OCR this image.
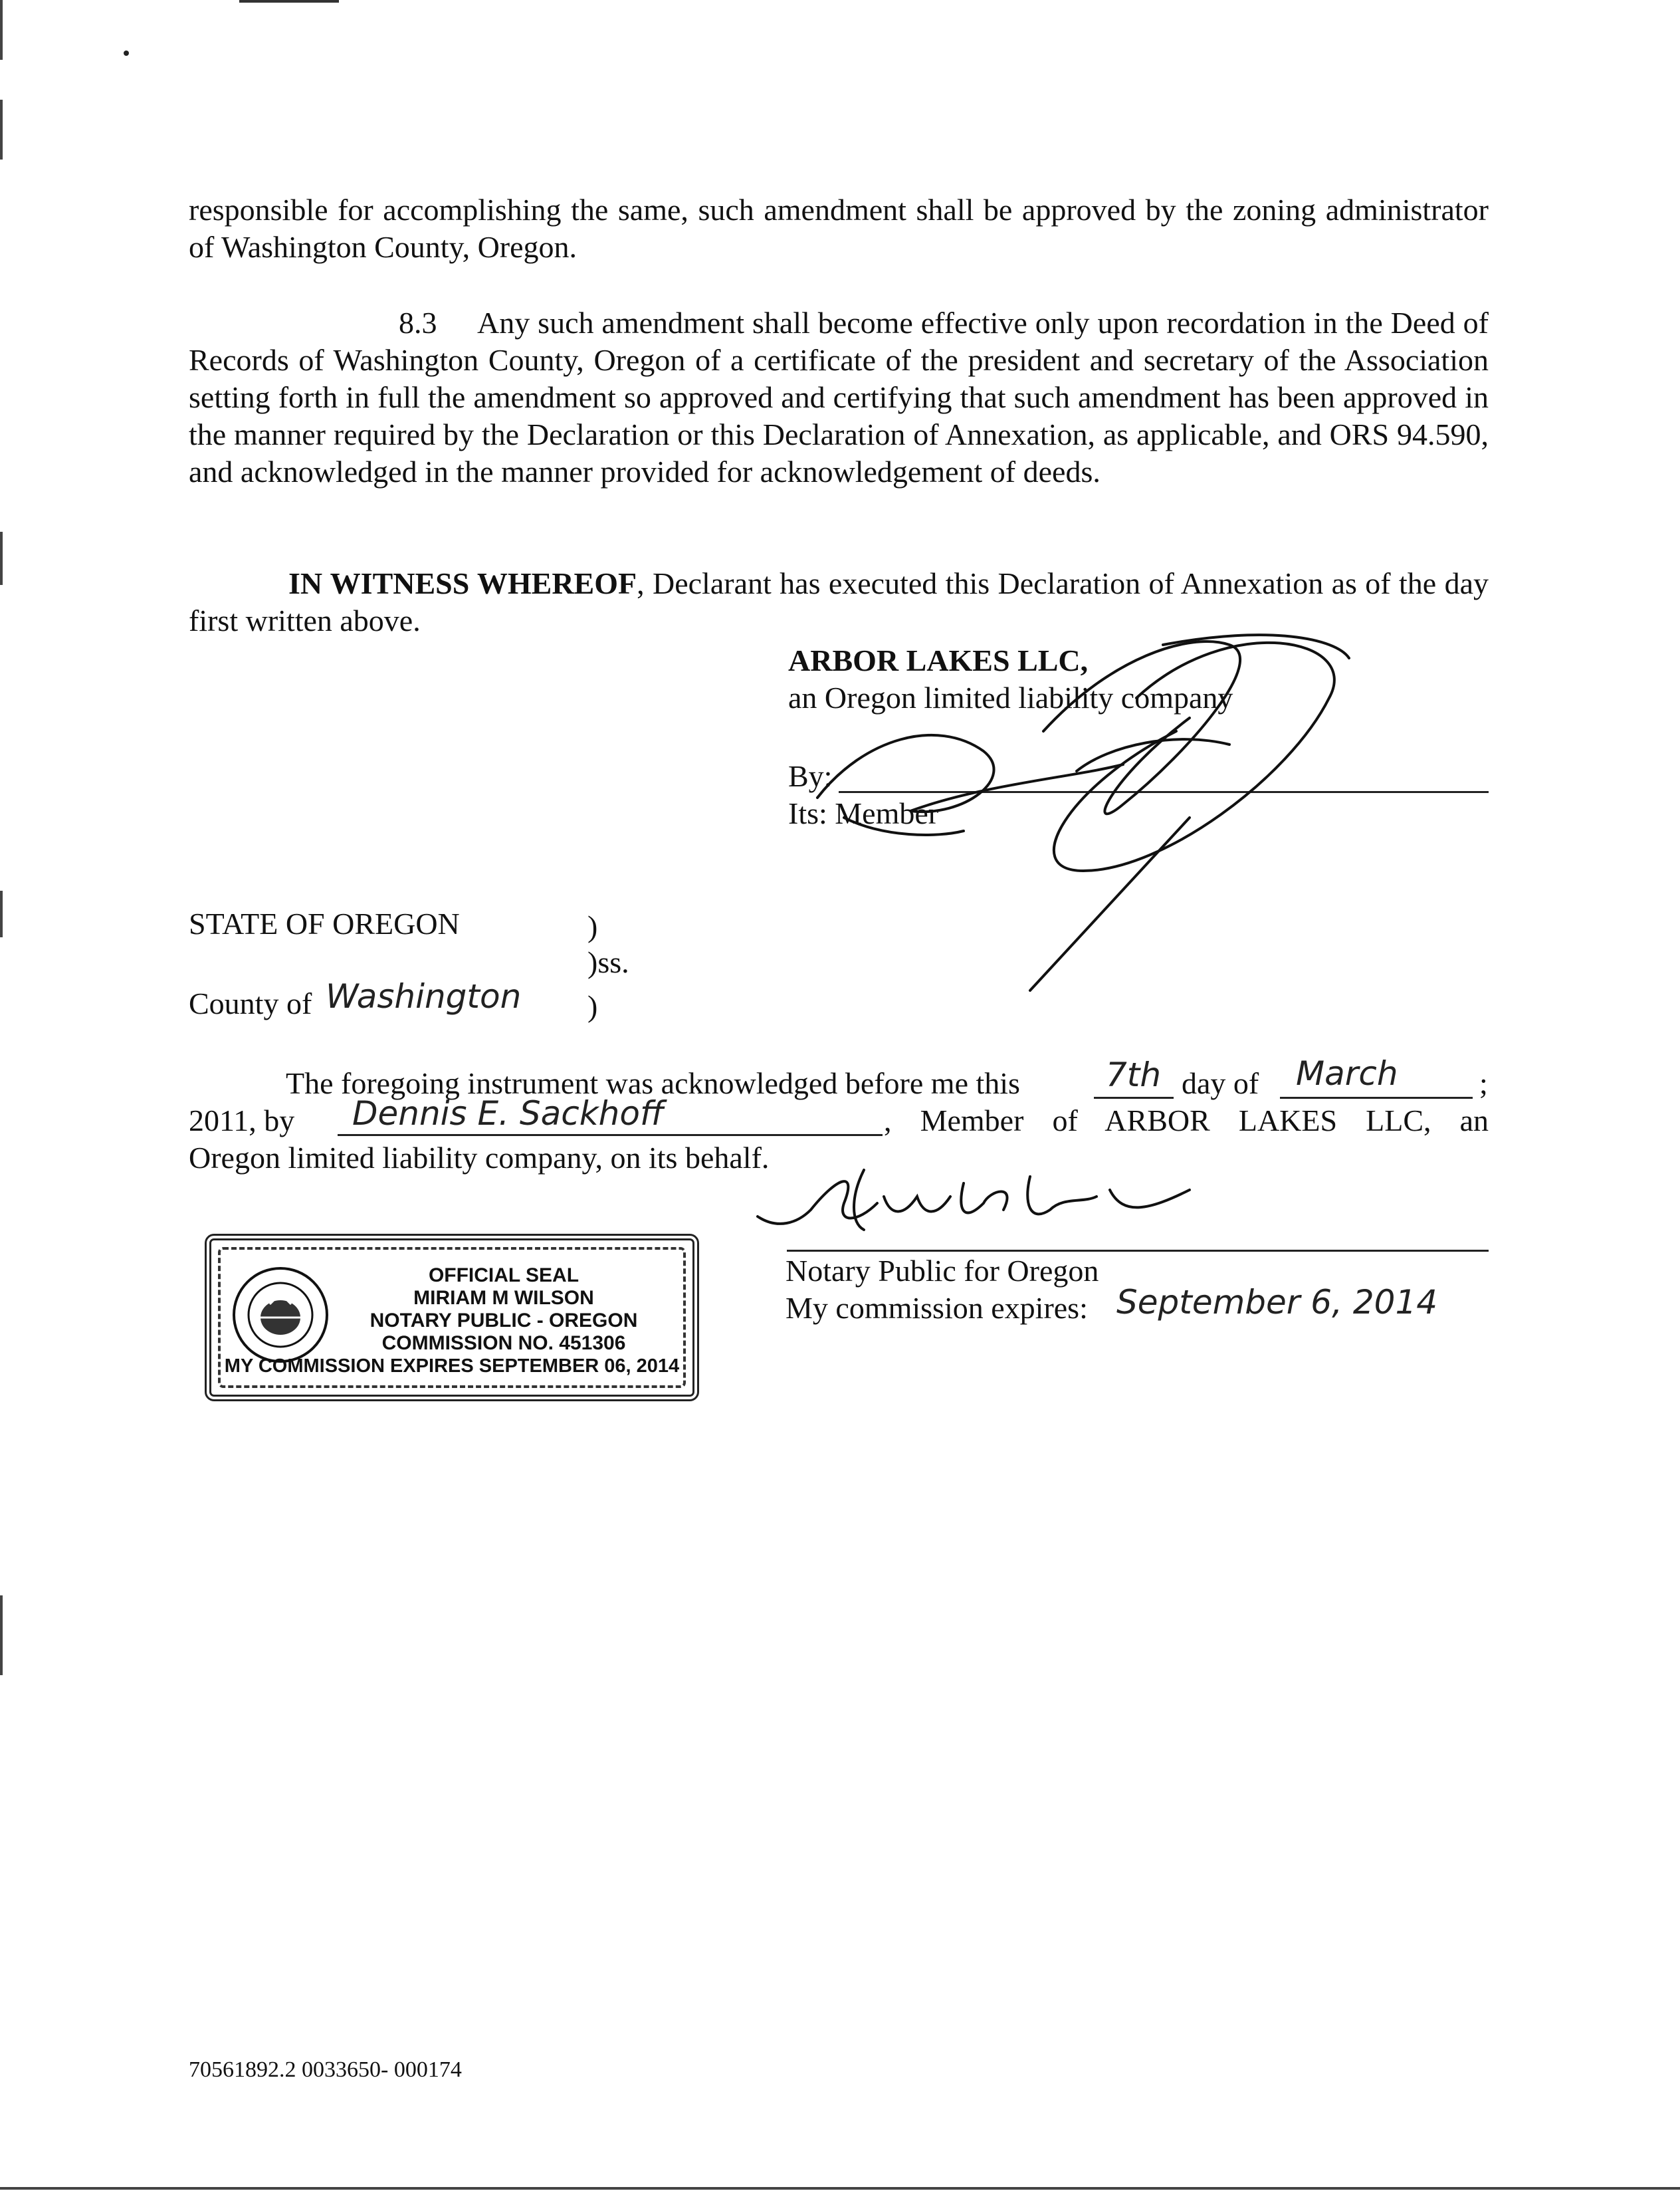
responsible for accomplishing the same, such amendment shall be approved by the zoning administrator of Washington County, Oregon.
8.3 Any such amendment shall become effective only upon recordation in the Deed of Records of Washington County, Oregon of a certificate of the president and secretary of the Association setting forth in full the amendment so approved and certifying that such amendment has been approved in the manner required by the Declaration or this Declaration of Annexation, as applicable, and ORS 94.590, and acknowledged in the manner provided for acknowledgement of deeds.
IN WITNESS WHEREOF, Declarant has executed this Declaration of Annexation as of the day first written above.
ARBOR LAKES LLC,
an Oregon limited liability company
By:
Its: Member
STATE OF OREGON	)
)ss.
County of Washington )
The foregoing instrument was acknowledged before me this	7th day of March	;
2011, by Dennis E. Sackhoff	, Member of ARBOR LAKES LLC, an
Oregon limited liability company, on its behalf.
Notary Public for Oregon
My commission expires: September 6, 2014
OFFICIAL SEAL
MIRIAM M WILSON
NOTARY PUBLIC - OREGON
COMMISSION NO. 451306
MY COMMISSION EXPIRES SEPTEMBER 06, 2014
70561892.2 0033650- 000174
